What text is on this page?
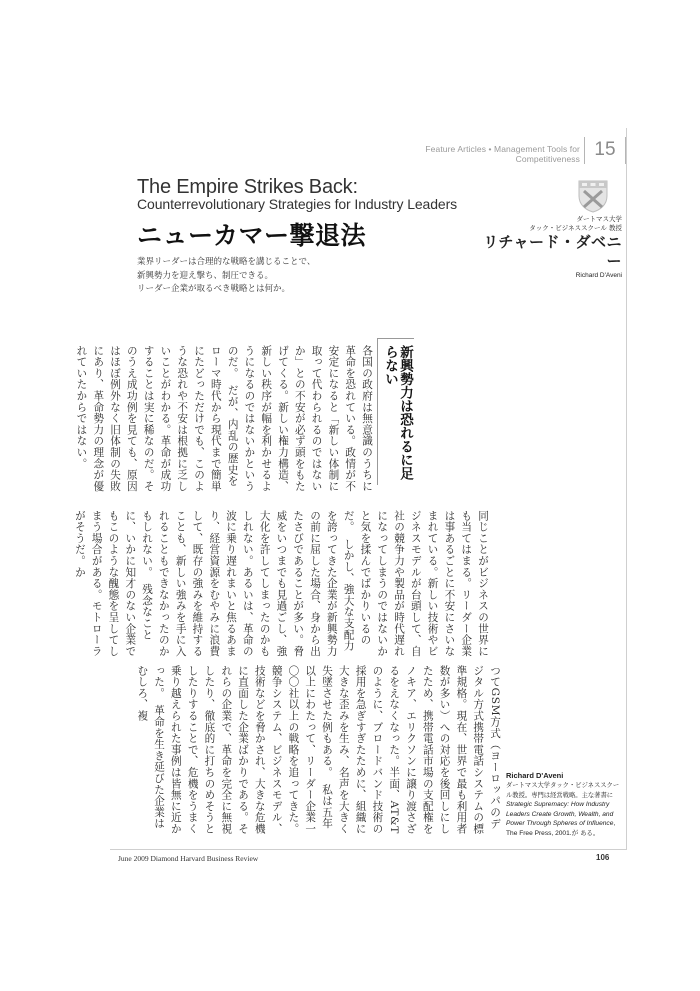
Feature Articles • Management Tools for Competitiveness 15
The Empire Strikes Back:
Counterrevolutionary Strategies for Industry Leaders
ニューカマー撃退法
業界リーダーは合理的な戦略を講じることで、
新興勢力を迎え撃ち、制圧できる。
リーダー企業が取るべき戦略とは何か。
ダートマス大学
タック・ビジネススクール 教授
リチャード・ダベニー
Richard D'Aveni
新興勢力は恐れるに足らない
各国の政府は無意識のうちに革命を恐れている。政情が不安定になると「新しい体制に取って代わられるのではないか」との不安が必ず頭をもたげてくる。新しい権力構造、新しい秩序が幅を利かせるようになるのではないかというのだ。　だが、内乱の歴史をローマ時代から現代まで簡単にたどっただけでも、このような恐れや不安は根拠に乏しいことがわかる。革命が成功することは実に稀なのだ。そのうえ成功例を見ても、原因はほぼ例外なく旧体制の失敗にあり、革命勢力の理念が優れていたからではない。
同じことがビジネスの世界にも当てはまる。リーダー企業は事あるごとに不安にさいなまれている。新しい技術やビジネスモデルが台頭して、自社の競争力や製品が時代遅れになってしまうのではないかと気を揉んでばかりいるのだ。　しかし、強大な支配力を誇ってきた企業が新興勢力の前に屈した場合、身から出たさびであることが多い。脅威をいつまでも見過ごし、強大化を許してしまったのかもしれない。あるいは、革命の波に乗り遅れまいと焦るあまり、経営資源をむやみに浪費して、既存の強みを維持することも、新しい強みを手に入れることもできなかったのかもしれない。　残念なことに、いかに知才のない企業でもこのような醜態を呈してしまう場合がある。モトローラがそうだ。か
つてGSM方式（ヨーロッパのデジタル方式携帯電話システムの標準規格。現在、世界で最も利用者数が多い）への対応を後回しにしたため、携帯電話市場の支配権をノキア、エリクソンに譲り渡さざるをえなくなった。半面、AT&Tのように、ブロードバンド技術の採用を急ぎすぎたために、組織に大きな歪みを生み、名声を大きく失墜させた例もある。　私は五年以上にわたって、リーダー企業一〇〇社以上の戦略を追ってきた。競争システム、ビジネスモデル、技術などを脅かされ、大きな危機に直面した企業ばかりである。それらの企業で、革命を完全に無視したり、徹底的に打ちのめそうとしたりすることで、危機をうまく乗り越えられた事例は皆無に近かった。　革命を生き延びた企業はむしろ、複
Richard D'Aveni
ダートマス大学タック・ビジネススクール教授。専門は経営戦略。主な著書に Strategic Supremacy: How Industry Leaders Create Growth, Wealth, and Power Through Spheres of Influence, The Free Press, 2001.が ある。
June 2009 Diamond Harvard Business Review	106
